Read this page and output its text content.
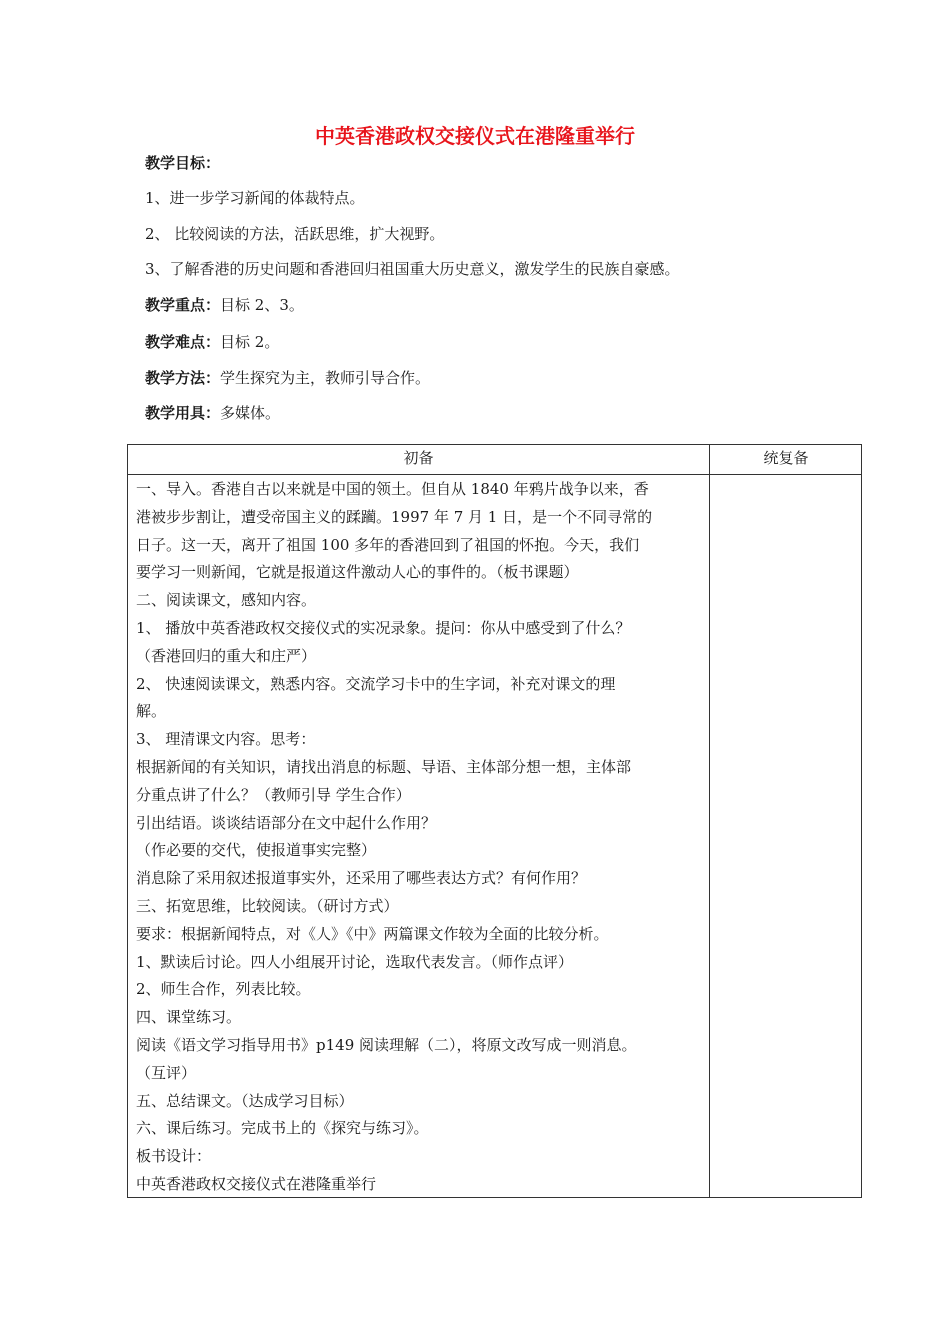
中英香港政权交接仪式在港隆重举行
教学目标：
1、进一步学习新闻的体裁特点。
2、 比较阅读的方法，活跃思维，扩大视野。
3、了解香港的历史问题和香港回归祖国重大历史意义，激发学生的民族自豪感。
教学重点：目标 2、3。
教学难点：目标 2。
教学方法：学生探究为主，教师引导合作。
教学用具：多媒体。
初备	统复备
一、导入。香港自古以来就是中国的领土。但自从 1840 年鸦片战争以来，香
港被步步割让，遭受帝国主义的蹂躏。1997 年 7 月 1 日，是一个不同寻常的
日子。这一天，离开了祖国 100 多年的香港回到了祖国的怀抱。今天，我们
要学习一则新闻，它就是报道这件激动人心的事件的。（板书课题）
二、阅读课文，感知内容。
1、 播放中英香港政权交接仪式的实况录象。提问：你从中感受到了什么？
（香港回归的重大和庄严）
2、 快速阅读课文，熟悉内容。交流学习卡中的生字词，补充对课文的理
解。
3、 理清课文内容。思考：
根据新闻的有关知识，请找出消息的标题、导语、主体部分想一想，主体部
分重点讲了什么？（教师引导 学生合作）
引出结语。谈谈结语部分在文中起什么作用？
（作必要的交代，使报道事实完整）
消息除了采用叙述报道事实外，还采用了哪些表达方式？有何作用？
三、拓宽思维，比较阅读。（研讨方式）
要求：根据新闻特点，对《人》《中》两篇课文作较为全面的比较分析。
1、默读后讨论。四人小组展开讨论，选取代表发言。（师作点评）
2、师生合作，列表比较。
四、课堂练习。
阅读《语文学习指导用书》p149 阅读理解（二），将原文改写成一则消息。
（互评）
五、总结课文。（达成学习目标）
六、课后练习。完成书上的《探究与练习》。
板书设计：
中英香港政权交接仪式在港隆重举行
